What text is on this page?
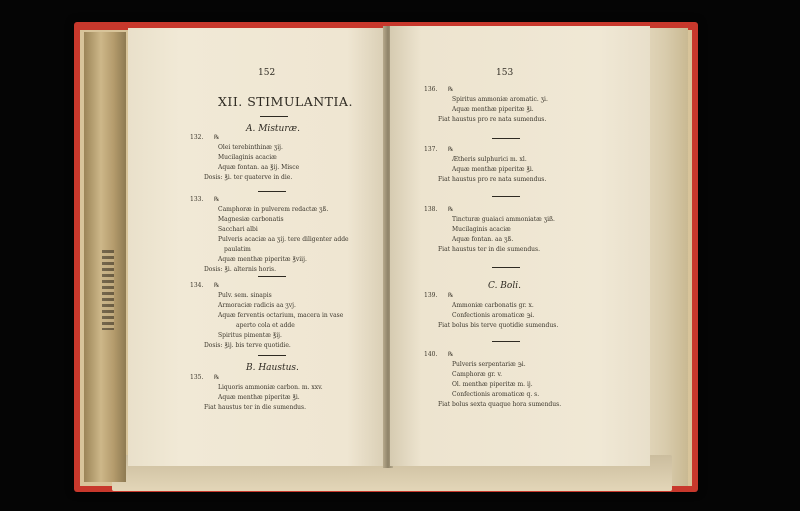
152
XII. STIMULANTIA.
A. Misturæ.
132. ℞
Olei terebinthinæ ʒij.
Mucilaginis acaciæ
Aquæ fontan. aa ℥ij. Misce
Dosis: ℥i. ter quaterve in die.
133. ℞
Camphoræ in pulverem redactæ ʒß.
Magnesiæ carbonatis
Sacchari albi
Pulveris acaciæ aa ʒij. tere diligenter adde
paulatim
Aquæ menthæ piperitæ ℥viij.
Dosis: ℥i. alternis horis.
134. ℞
Pulv. sem. sinapis
Armoraciæ radicis aa ʒvj.
Aquæ ferventis octarium, macera in vase
aperto cola et adde
Spiritus pimentæ ℥ij.
Dosis: ℥ij. bis terve quotidie.
B. Haustus.
135. ℞
Liquoris ammoniæ carbon. m. xxv.
Aquæ menthæ piperitæ ℥i.
Fiat haustus ter in die sumendus.
153
136. ℞
Spiritus ammoniæ aromatic. ʒi.
Aquæ menthæ piperitæ ℥i.
Fiat haustus pro re nata sumendus.
137. ℞
Ætheris sulphurici m. xl.
Aquæ menthæ piperitæ ℥i.
Fiat haustus pro re nata sumendus.
138. ℞
Tincturæ guaiaci ammoniatæ ʒiß.
Mucilaginis acaciæ
Aquæ fontan. aa ʒß.
Fiat haustus ter in die sumendus.
C. Boli.
139. ℞
Ammoniæ carbonatis gr. x.
Confectionis aromaticæ ℈i.
Fiat bolus bis terve quotidie sumendus.
140. ℞
Pulveris serpentariæ ℈i.
Camphoræ gr. v.
Ol. menthæ piperitæ m. ij.
Confectionis aromaticæ q. s.
Fiat bolus sexta quaque hora sumendus.
